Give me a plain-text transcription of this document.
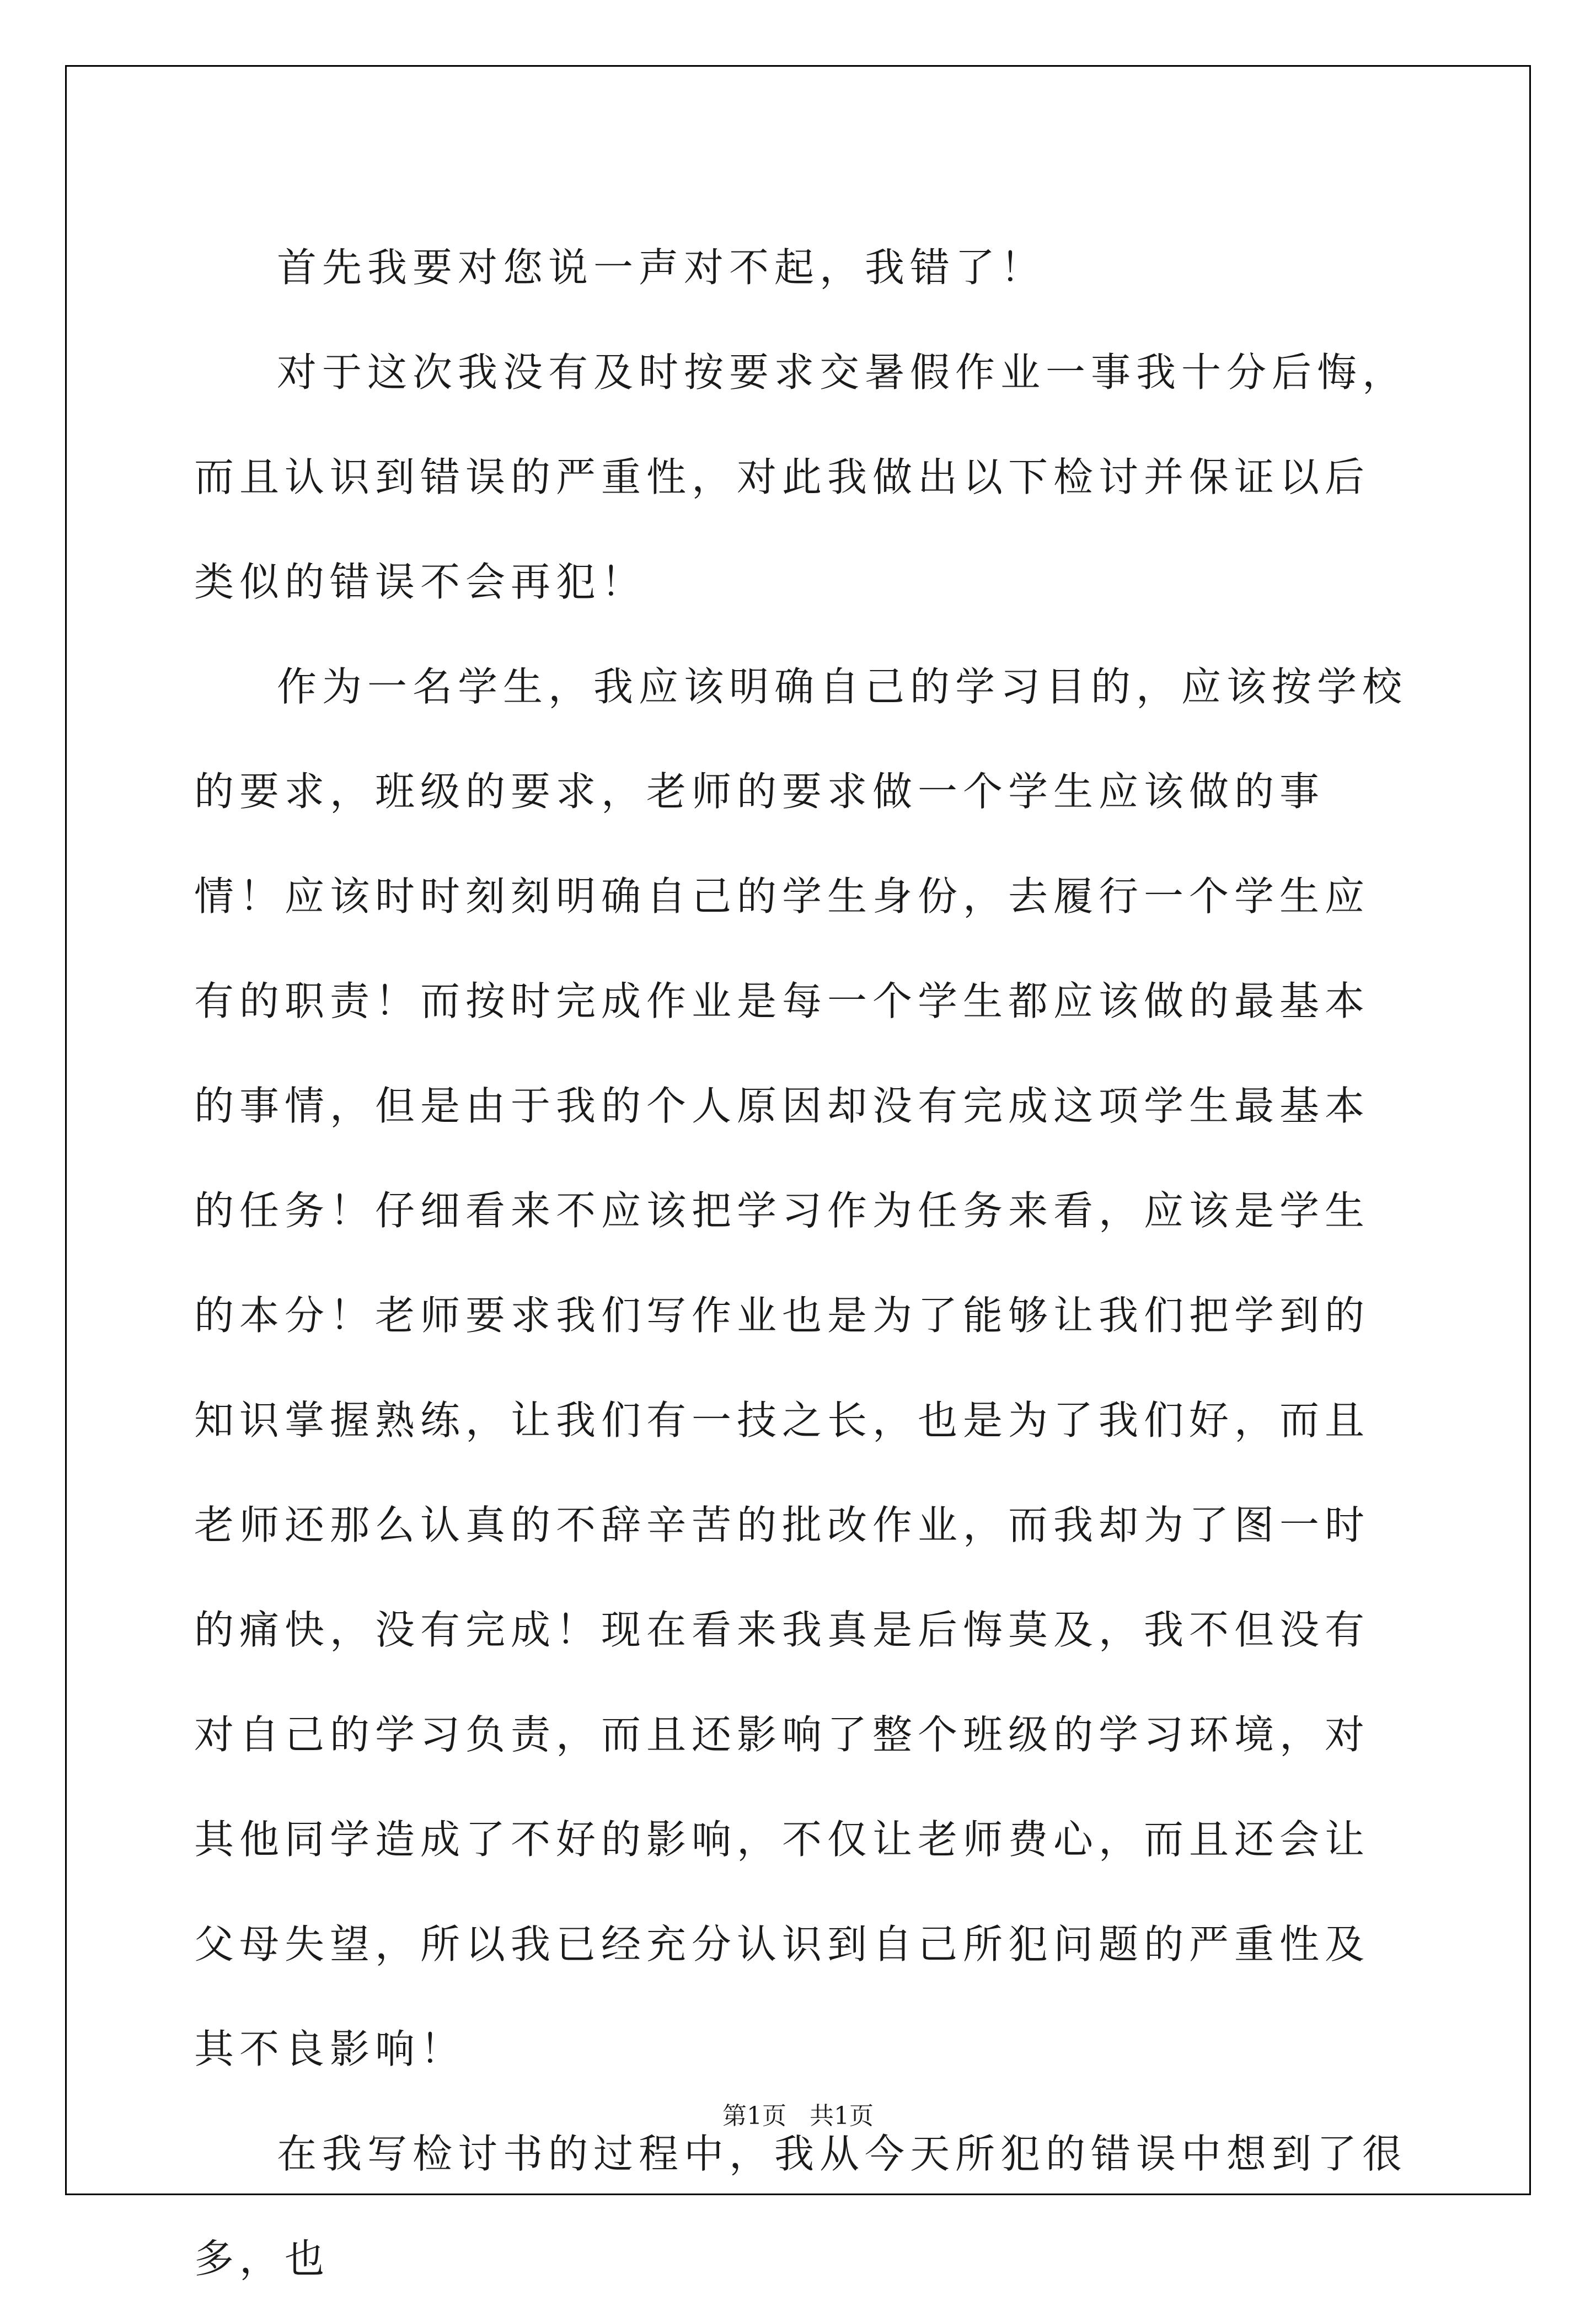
首先我要对您说一声对不起，我错了！

对于这次我没有及时按要求交暑假作业一事我十分后悔，而且认识到错误的严重性，对此我做出以下检讨并保证以后类似的错误不会再犯！

作为一名学生，我应该明确自己的学习目的，应该按学校的要求，班级的要求，老师的要求做一个学生应该做的事情！应该时时刻刻明确自己的学生身份，去履行一个学生应有的职责！而按时完成作业是每一个学生都应该做的最基本的事情，但是由于我的个人原因却没有完成这项学生最基本的任务！仔细看来不应该把学习作为任务来看，应该是学生的本分！老师要求我们写作业也是为了能够让我们把学到的知识掌握熟练，让我们有一技之长，也是为了我们好，而且老师还那么认真的不辞辛苦的批改作业，而我却为了图一时的痛快，没有完成！现在看来我真是后悔莫及，我不但没有对自己的学习负责，而且还影响了整个班级的学习环境，对其他同学造成了不好的影响，不仅让老师费心，而且还会让父母失望，所以我已经充分认识到自己所犯问题的严重性及其不良影响！

在我写检讨书的过程中，我从今天所犯的错误中想到了很多，也

第1页 共1页
